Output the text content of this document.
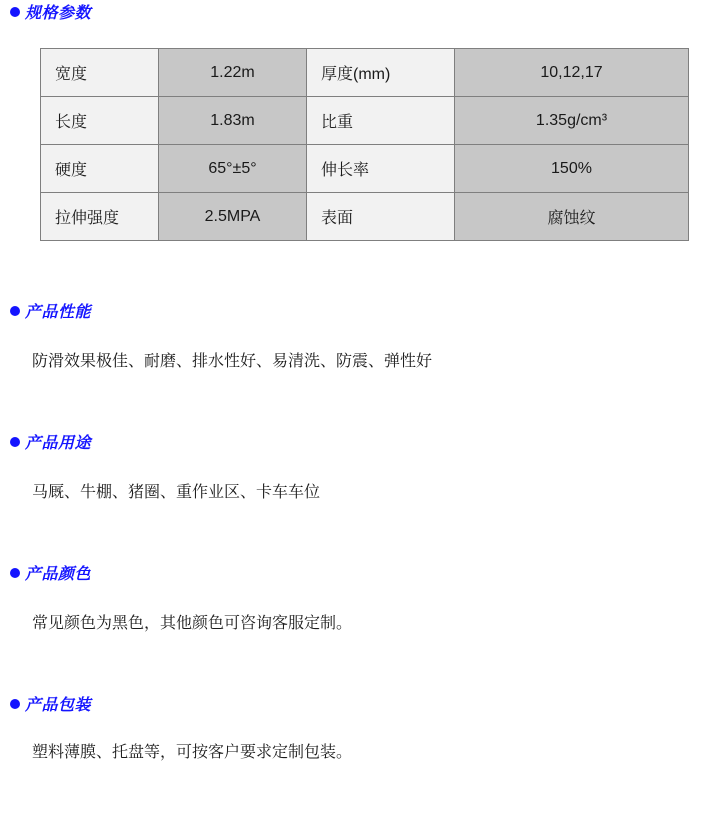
规格参数
宽度	1.22m	厚度(mm)	10,12,17
长度	1.83m	比重	1.35g/cm³
硬度	65°±5°	伸长率	150%
拉伸强度	2.5MPA	表面	腐蚀纹
产品性能
防滑效果极佳、耐磨、排水性好、易清洗、防震、弹性好
产品用途
马厩、牛棚、猪圈、重作业区、卡车车位
产品颜色
常见颜色为黑色，其他颜色可咨询客服定制。
产品包装
塑料薄膜、托盘等，可按客户要求定制包装。
